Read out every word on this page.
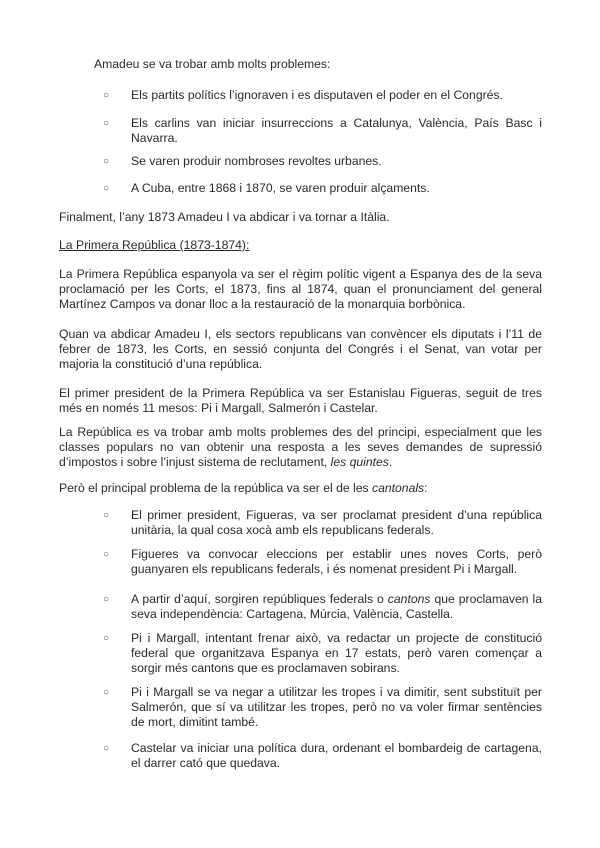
Amadeu se va trobar amb molts problemes:

○ Els partits polítics l’ignoraven i es disputaven el poder en el Congrés.

○ Els carlins van iniciar insurreccions a Catalunya, València, País Basc i Navarra.

○ Se varen produir nombroses revoltes urbanes.

○ A Cuba, entre 1868 i 1870, se varen produir alçaments.

Finalment, l’any 1873 Amadeu I va abdicar i va tornar a Itàlia.

La Primera República (1873-1874):

La Primera República espanyola va ser el règim polític vigent a Espanya des de la seva proclamació per les Corts, el 1873, fins al 1874, quan el pronunciament del general Martínez Campos va donar lloc a la restauració de la monarquia borbònica.

Quan va abdicar Amadeu I, els sectors republicans van convèncer els diputats i l’11 de febrer de 1873, les Corts, en sessió conjunta del Congrés i el Senat, van votar per majoria la constitució d’una república.

El primer president de la Primera República va ser Estanislau Figueras, seguit de tres més en només 11 mesos: Pi i Margall, Salmerón i Castelar.

La República es va trobar amb molts problemes des del principi, especialment que les classes populars no van obtenir una resposta a les seves demandes de supressió d’impostos i sobre l’injust sistema de reclutament, les quintes.

Però el principal problema de la república va ser el de les cantonals:

○ El primer president, Figueras, va ser proclamat president d’una república unitària, la qual cosa xocà amb els republicans federals.

○ Figueres va convocar eleccions per establir unes noves Corts, però guanyaren els republicans federals, i és nomenat president Pi i Margall.

○ A partir d’aquí, sorgiren repúbliques federals o cantons que proclamaven la seva independència: Cartagena, Múrcia, València, Castella.

○ Pi i Margall, intentant frenar això, va redactar un projecte de constitució federal que organitzava Espanya en 17 estats, però varen començar a sorgir més cantons que es proclamaven sobirans.

○ Pi i Margall se va negar a utilitzar les tropes i va dimitir, sent substituït per Salmerón, que sí va utilitzar les tropes, però no va voler firmar sentències de mort, dimitint també.

○ Castelar va iniciar una política dura, ordenant el bombardeig de cartagena, el darrer cató que quedava.
